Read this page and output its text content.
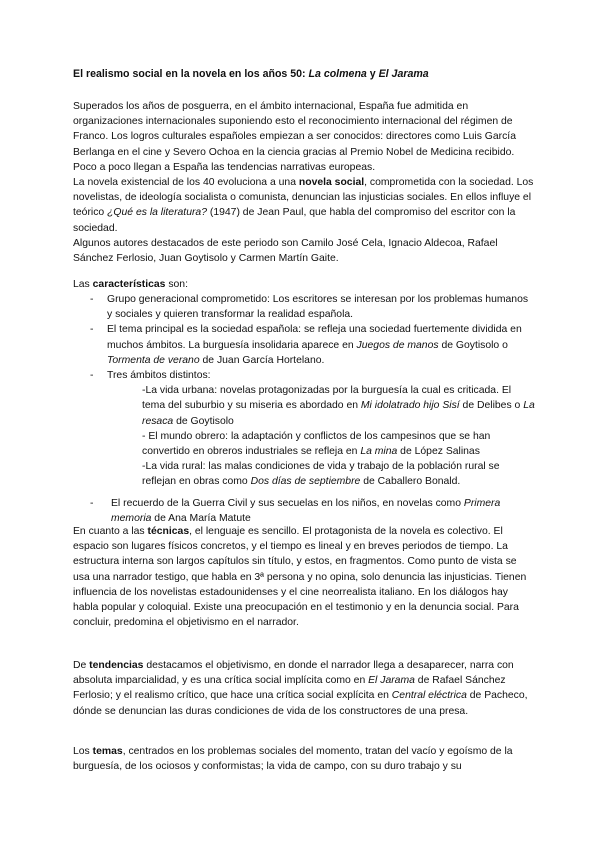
El realismo social en la novela en los años 50: La colmena y El Jarama

Superados los años de posguerra, en el ámbito internacional, España fue admitida en organizaciones internacionales suponiendo esto el reconocimiento internacional del régimen de Franco. Los logros culturales españoles empiezan a ser conocidos: directores como Luis García Berlanga en el cine y Severo Ochoa en la ciencia gracias al Premio Nobel de Medicina recibido. Poco a poco llegan a España las tendencias narrativas europeas.

La novela existencial de los 40 evoluciona a una novela social, comprometida con la sociedad. Los novelistas, de ideología socialista o comunista, denuncian las injusticias sociales. En ellos influye el teórico ¿Qué es la literatura? (1947) de Jean Paul, que habla del compromiso del escritor con la sociedad.

Algunos autores destacados de este periodo son Camilo José Cela, Ignacio Aldecoa, Rafael Sánchez Ferlosio, Juan Goytisolo y Carmen Martín Gaite.

Las características son:

- Grupo generacional comprometido: Los escritores se interesan por los problemas humanos y sociales y quieren transformar la realidad española.
- El tema principal es la sociedad española: se refleja una sociedad fuertemente dividida en muchos ámbitos. La burguesía insolidaria aparece en Juegos de manos de Goytisolo o Tormenta de verano de Juan García Hortelano.
- Tres ámbitos distintos:
-La vida urbana: novelas protagonizadas por la burguesía la cual es criticada. El tema del suburbio y su miseria es abordado en Mi idolatrado hijo Sisí de Delibes o La resaca de Goytisolo
- El mundo obrero: la adaptación y conflictos de los campesinos que se han convertido en obreros industriales se refleja en La mina de López Salinas
-La vida rural: las malas condiciones de vida y trabajo de la población rural se reflejan en obras como Dos días de septiembre de Caballero Bonald.
- El recuerdo de la Guerra Civil y sus secuelas en los niños, en novelas como Primera memoria de Ana María Matute

En cuanto a las técnicas, el lenguaje es sencillo. El protagonista de la novela es colectivo. El espacio son lugares físicos concretos, y el tiempo es lineal y en breves periodos de tiempo. La estructura interna son largos capítulos sin título, y estos, en fragmentos. Como punto de vista se usa una narrador testigo, que habla en 3ª persona y no opina, solo denuncia las injusticias. Tienen influencia de los novelistas estadounidenses y el cine neorrealista italiano. En los diálogos hay habla popular y coloquial. Existe una preocupación en el testimonio y en la denuncia social. Para concluir, predomina el objetivismo en el narrador.

De tendencias destacamos el objetivismo, en donde el narrador llega a desaparecer, narra con absoluta imparcialidad, y es una crítica social implícita como en El Jarama de Rafael Sánchez Ferlosio; y el realismo crítico, que hace una crítica social explícita en Central eléctrica de Pacheco, dónde se denuncian las duras condiciones de vida de los constructores de una presa.

Los temas, centrados en los problemas sociales del momento, tratan del vacío y egoísmo de la burguesía, de los ociosos y conformistas; la vida de campo, con su duro trabajo y su
